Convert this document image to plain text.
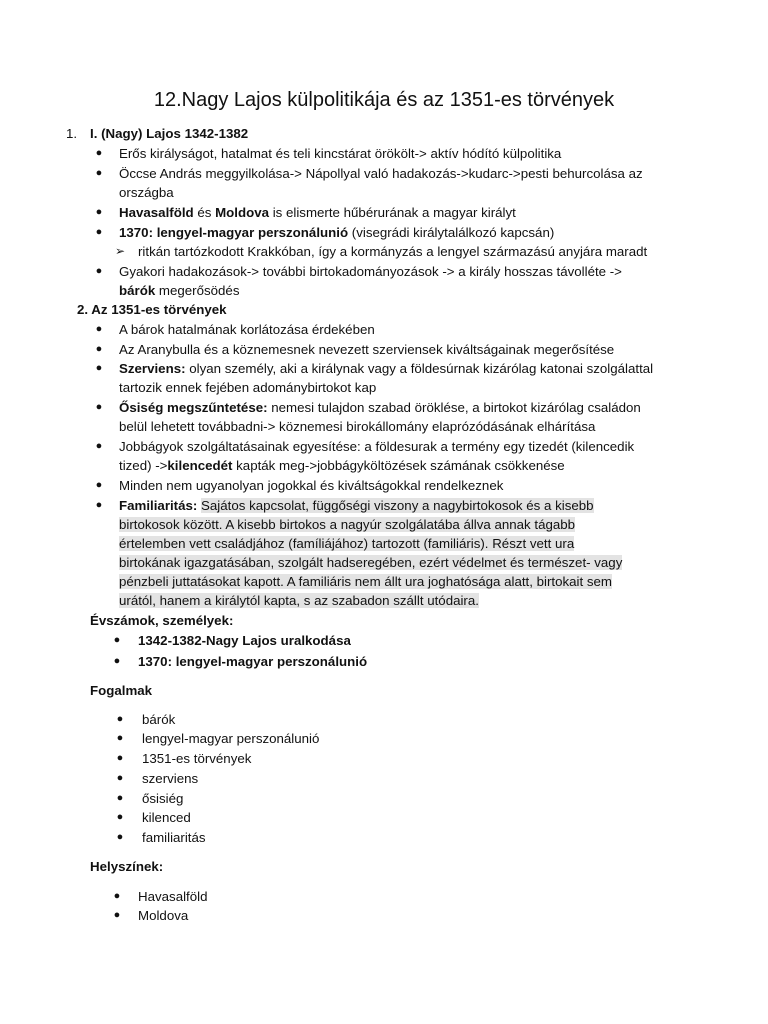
12.Nagy Lajos külpolitikája és az 1351-es törvények
1. I. (Nagy) Lajos 1342-1382
● Erős királyságot, hatalmat és teli kincstárat örökölt-> aktív hódító külpolitika
● Öccse András meggyilkolása-> Nápollyal való hadakozás->kudarc->pesti behurcolása az
országba
● Havasalföld és Moldova is elismerte hűbérurának a magyar királyt
● 1370: lengyel-magyar perszonálunió (visegrádi királytalálkozó kapcsán)
➢ ritkán tartózkodott Krakkóban, így a kormányzás a lengyel származású anyjára maradt
● Gyakori hadakozások-> további birtokadományozások -> a király hosszas távolléte ->
bárók megerősödés
2. Az 1351-es törvények
● A bárok hatalmának korlátozása érdekében
● Az Aranybulla és a köznemesnek nevezett szerviensek kiváltságainak megerősítése
● Szerviens: olyan személy, aki a királynak vagy a földesúrnak kizárólag katonai szolgálattal
tartozik ennek fejében adománybirtokot kap
● Ősiség megszűntetése: nemesi tulajdon szabad öröklése, a birtokot kizárólag családon
belül lehetett továbbadni-> köznemesi birokállomány elaprózódásának elhárítása
● Jobbágyok szolgáltatásainak egyesítése: a földesurak a termény egy tizedét (kilencedik
tized) ->kilencedét kapták meg->jobbágyköltözések számának csökkenése
● Minden nem ugyanolyan jogokkal és kiváltságokkal rendelkeznek
● Familiaritás: Sajátos kapcsolat, függőségi viszony a nagybirtokosok és a kisebb
birtokosok között. A kisebb birtokos a nagyúr szolgálatába állva annak tágabb
értelemben vett családjához (famíliájához) tartozott (familiáris). Részt vett ura
birtokának igazgatásában, szolgált hadseregében, ezért védelmet és természet- vagy
pénzbeli juttatásokat kapott. A familiáris nem állt ura joghatósága alatt, birtokait sem
urától, hanem a királytól kapta, s az szabadon szállt utódaira.
Évszámok, személyek:
● 1342-1382-Nagy Lajos uralkodása
● 1370: lengyel-magyar perszonálunió
Fogalmak
● bárók
● lengyel-magyar perszonálunió
● 1351-es törvények
● szerviens
● ősisiég
● kilenced
● familiaritás
Helyszínek:
● Havasalföld
● Moldova
